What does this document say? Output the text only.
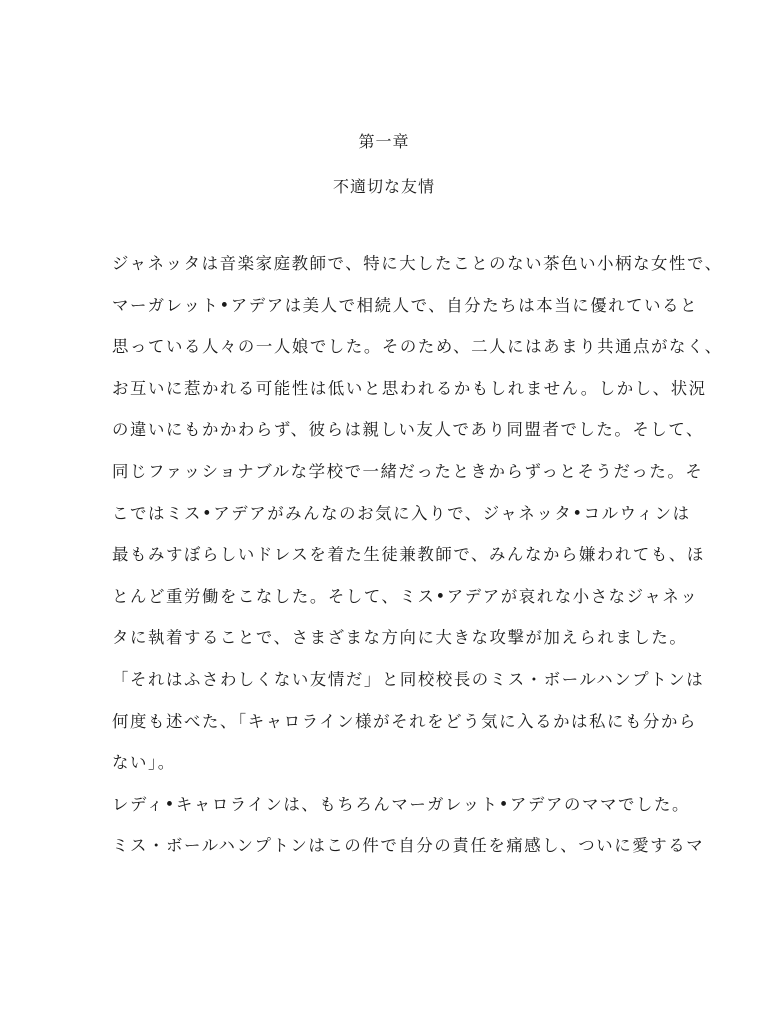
第一章
不適切な友情
ジャネッタは音楽家庭教師で、特に大したことのない茶色い小柄な女性で、
マーガレット•アデアは美人で相続人で、自分たちは本当に優れていると
思っている人々の一人娘でした。そのため、二人にはあまり共通点がなく、
お互いに惹かれる可能性は低いと思われるかもしれません。しかし、状況
の違いにもかかわらず、彼らは親しい友人であり同盟者でした。そして、
同じファッショナブルな学校で一緒だったときからずっとそうだった。そ
こではミス•アデアがみんなのお気に入りで、ジャネッタ•コルウィンは
最もみすぼらしいドレスを着た生徒兼教師で、みんなから嫌われても、ほ
とんど重労働をこなした。そして、ミス•アデアが哀れな小さなジャネッ
タに執着することで、さまざまな方向に大きな攻撃が加えられました。
「それはふさわしくない友情だ」と同校校長のミス・ボールハンプトンは
何度も述べた、「キャロライン様がそれをどう気に入るかは私にも分から
ない」。
レディ•キャロラインは、もちろんマーガレット•アデアのママでした。
ミス・ボールハンプトンはこの件で自分の責任を痛感し、ついに愛するマ
